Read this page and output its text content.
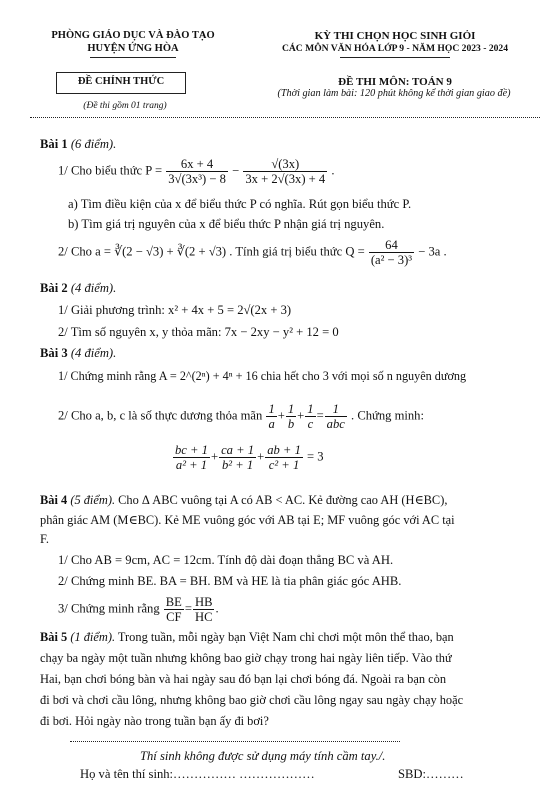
PHÒNG GIÁO DỤC VÀ ĐÀO TẠO
HUYỆN ỨNG HÒA
KỲ THI CHỌN HỌC SINH GIỎI
CÁC MÔN VĂN HÓA LỚP 9 - NĂM HỌC 2023 - 2024
ĐỀ CHÍNH THỨC
(Đề thi gồm 01 trang)
ĐỀ THI MÔN: TOÁN 9
(Thời gian làm bài: 120 phút không kể thời gian giao đề)
Bài 1 (6 điểm).
1/ Cho biểu thức $P = \frac{6x + 4}{\text{3√(3x³) − 8}} - \frac{√(3x)}{3x + 2√(3x) + 4}$ .
a) Tìm điều kiện của x để biểu thức P có nghĩa. Rút gọn biểu thức P.
b) Tìm giá trị nguyên của x để biểu thức P nhận giá trị nguyên.
2/ Cho a = ∛(2 − √3) + ∛(2 + √3) . Tính giá trị biểu thức $Q = \frac{64}{\text{(a² − 3)³}} - 3a$ .
Bài 2 (4 điểm).
1/ Giải phương trình: x² + 4x + 5 = 2√(2x + 3)
2/ Tìm số nguyên x, y thỏa mãn: 7x − 2xy − y² + 12 = 0
Bài 3 (4 điểm).
1/ Chứng minh rằng A = 2^(2ⁿ) + 4ⁿ + 16 chia hết cho 3 với mọi số n nguyên dương
2/ Cho a, b, c là số thực dương thỏa mãn $\frac{1}{a} + \frac{1}{b} + \frac{1}{c} = \frac{1}{\text{abc}}$ . Chứng minh:
$\frac{bc + 1}{\text{a² + 1}} + \frac{ca + 1}{\text{b² + 1}} + \frac{ab + 1}{\text{c² + 1}} = 3$
Bài 4 (5 điểm). Cho Δ ABC vuông tại A có AB < AC. Kẻ đường cao AH (H∈BC),
phân giác AM (M∈BC). Kẻ ME vuông góc với AB tại E; MF vuông góc với AC tại
F.
1/ Cho AB = 9cm, AC = 12cm. Tính độ dài đoạn thẳng BC và AH.
2/ Chứng minh BE. BA = BH. BM và HE là tia phân giác góc AHB.
3/ Chứng minh rằng $\frac{BE}{CF} = \frac{HB}{HC}$ .
Bài 5 (1 điểm). Trong tuần, mỗi ngày bạn Việt Nam chỉ chơi một môn thể thao, bạn
chạy ba ngày một tuần nhưng không bao giờ chạy trong hai ngày liên tiếp. Vào thứ
Hai, bạn chơi bóng bàn và hai ngày sau đó bạn lại chơi bóng đá. Ngoài ra bạn còn
đi bơi và chơi cầu lông, nhưng không bao giờ chơi cầu lông ngay sau ngày chạy hoặc
đi bơi. Hỏi ngày nào trong tuần bạn ấy đi bơi?
Thí sinh không được sử dụng máy tính cầm tay./.
Họ và tên thí sinh:…………… ………………	SBD:………
